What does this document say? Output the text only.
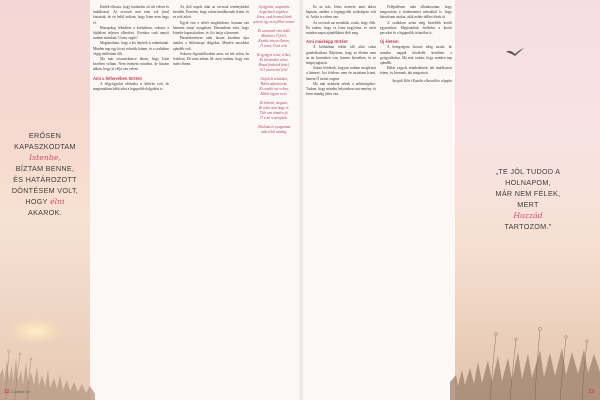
ERŐSEN
KAPASZKODTAM
Istenbe,
BÍZTAM BENNE,
ÉS HATÁROZOTT
DÖNTÉSEM VOLT,
HOGY élni
AKAROK.

Emlék elhozta, hogy barátnőm ott ült velem és imádkozott. Az orvosok már nem sok jóval biztattak, de én belül tudtam, hogy Isten nem hagy el.

Hónapokig feküdtem a kórházban, sokszor a fájdalom teljesen elborított. Ilyenkor csak annyit tudtam mondani: Uram, segíts!

Megtanultam, hogy a kis lépések is számítanak. Minden nap egy kicsit erősebb lettem, és a családom végig mellettem állt.

Ma már visszatekintve látom, hogy Isten kezében voltam. Nem értettem mindent, de bíztam abban, hogy jó célja van velem.

Ami a felhevében történt

A felgyógyulás időszaka is kihívás volt, de megtanultam hálát adni a legapróbb dolgokért is.

Az első napok után az orvosok reménykedni kezdtek. Éreztem, hogy sokan imádkoznak értem, és ez erőt adott.

Egyik este a nővér megkérdezte, honnan van bennem ennyi nyugalom. Elmondtam neki, hogy Istenbe kapaszkodom, és ő is tartja a kezemet.

Hazaérkezésem után lassan kezdtem újra tanulni a hétköznapi dolgokat. Minden mozdulat ajándék volt.

Sokszor elgondolkodom azon, mi lett volna, ha feladom. De nem adtam fel, mert tudtam, hogy van miért élnem.

Gyógyítás, megtartás
kegyelmed végtelen,
Jézus, csak benned bízik
szívem, így nem félhet sosem.
Ki szavaival rám talál,
Mindenre Ő felel,
Kezébe tettem életem,
Ő vezet, Ő ad erőt.
Ki gyógyít testet, lelket,
Ki lát minden sebet,
Hozzá fordulok hittel,
S Ő szeretettel felel.
Tárjuk ki szívünket,
Hálát adjunk neki,
Ki csodát tett velem,
Áldott legyen neve.
Ki bátorít, megtart,
Ki soha nem hagy el,
Tőle van minden jó,
Ő a mi reményünk.
Oltalmat és nyugalmat
nála lelek mindig.

Ez az írás, Jézus üzenete, amit akkor kaptam, amikor a legnagyobb szükségem volt rá. Azóta is velem van.

Az orvosok azt mondták, csoda, hogy élek. Én tudom, hogy ez Isten kegyelme, és ezért minden napot ajándékként élek meg.

Ami másképp történt

A kórházban töltött idő alatt sokat gondolkodtam. Rájöttem, hogy az életem nem az én kezemben van, hanem Istenében, és ez megnyugtatott.

Sokan kérdezik, hogyan tudtam megőrizni a hitemet. Azt felelem: nem én tartottam Istent, hanem Ő tartott engem.

Ma már másként nézek a nehézségekre. Tudom, hogy minden helyzetben van remény, és Isten mindig jelen van.

Felépülésem után elhatároztam, hogy megosztom a történetemet másokkal is, hogy bátorítsam azokat, akik nehéz időket élnek át.

A családom azóta még közelebb került egymáshoz. Megtanultuk értékelni a közös perceket és a legapróbb örömöket is.

Új életem

A betegségem hosszú ideig tartott, de minden nappal közelebb kerültem a gyógyuláshoz. Ma már tudom, hogy minden nap ajándék.

Hálás vagyok mindenkinek, aki imádkozott értem, és Istennek, aki megtartott.

Szegedi Klári Katalin elbeszélése alapján

„TE JÓL TUDOD A
HOLNAPOM,
MÁR NEM FÉLEK,
MERT
Hozzád
TARTOZOM.”
12 Családi kör	13
